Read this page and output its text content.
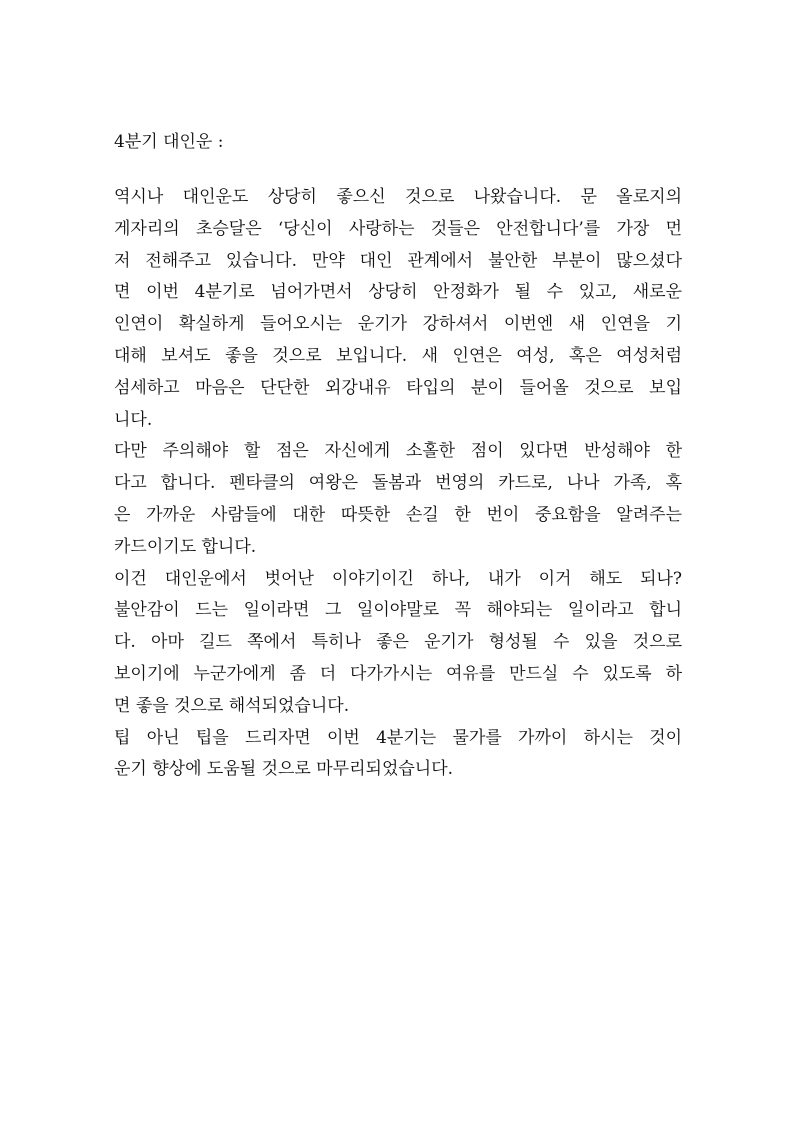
4분기 대인운 :
역시나 대인운도 상당히 좋으신 것으로 나왔습니다. 문 올로지의
게자리의 초승달은 ‘당신이 사랑하는 것들은 안전합니다’를 가장 먼
저 전해주고 있습니다. 만약 대인 관계에서 불안한 부분이 많으셨다
면 이번 4분기로 넘어가면서 상당히 안정화가 될 수 있고, 새로운
인연이 확실하게 들어오시는 운기가 강하셔서 이번엔 새 인연을 기
대해 보셔도 좋을 것으로 보입니다. 새 인연은 여성, 혹은 여성처럼
섬세하고 마음은 단단한 외강내유 타입의 분이 들어올 것으로 보입
니다.
다만 주의해야 할 점은 자신에게 소홀한 점이 있다면 반성해야 한
다고 합니다. 펜타클의 여왕은 돌봄과 번영의 카드로, 나나 가족, 혹
은 가까운 사람들에 대한 따뜻한 손길 한 번이 중요함을 알려주는
카드이기도 합니다.
이건 대인운에서 벗어난 이야기이긴 하나, 내가 이거 해도 되나?
불안감이 드는 일이라면 그 일이야말로 꼭 해야되는 일이라고 합니
다. 아마 길드 쪽에서 특히나 좋은 운기가 형성될 수 있을 것으로
보이기에 누군가에게 좀 더 다가가시는 여유를 만드실 수 있도록 하
면 좋을 것으로 해석되었습니다.
팁 아닌 팁을 드리자면 이번 4분기는 물가를 가까이 하시는 것이
운기 향상에 도움될 것으로 마무리되었습니다.
